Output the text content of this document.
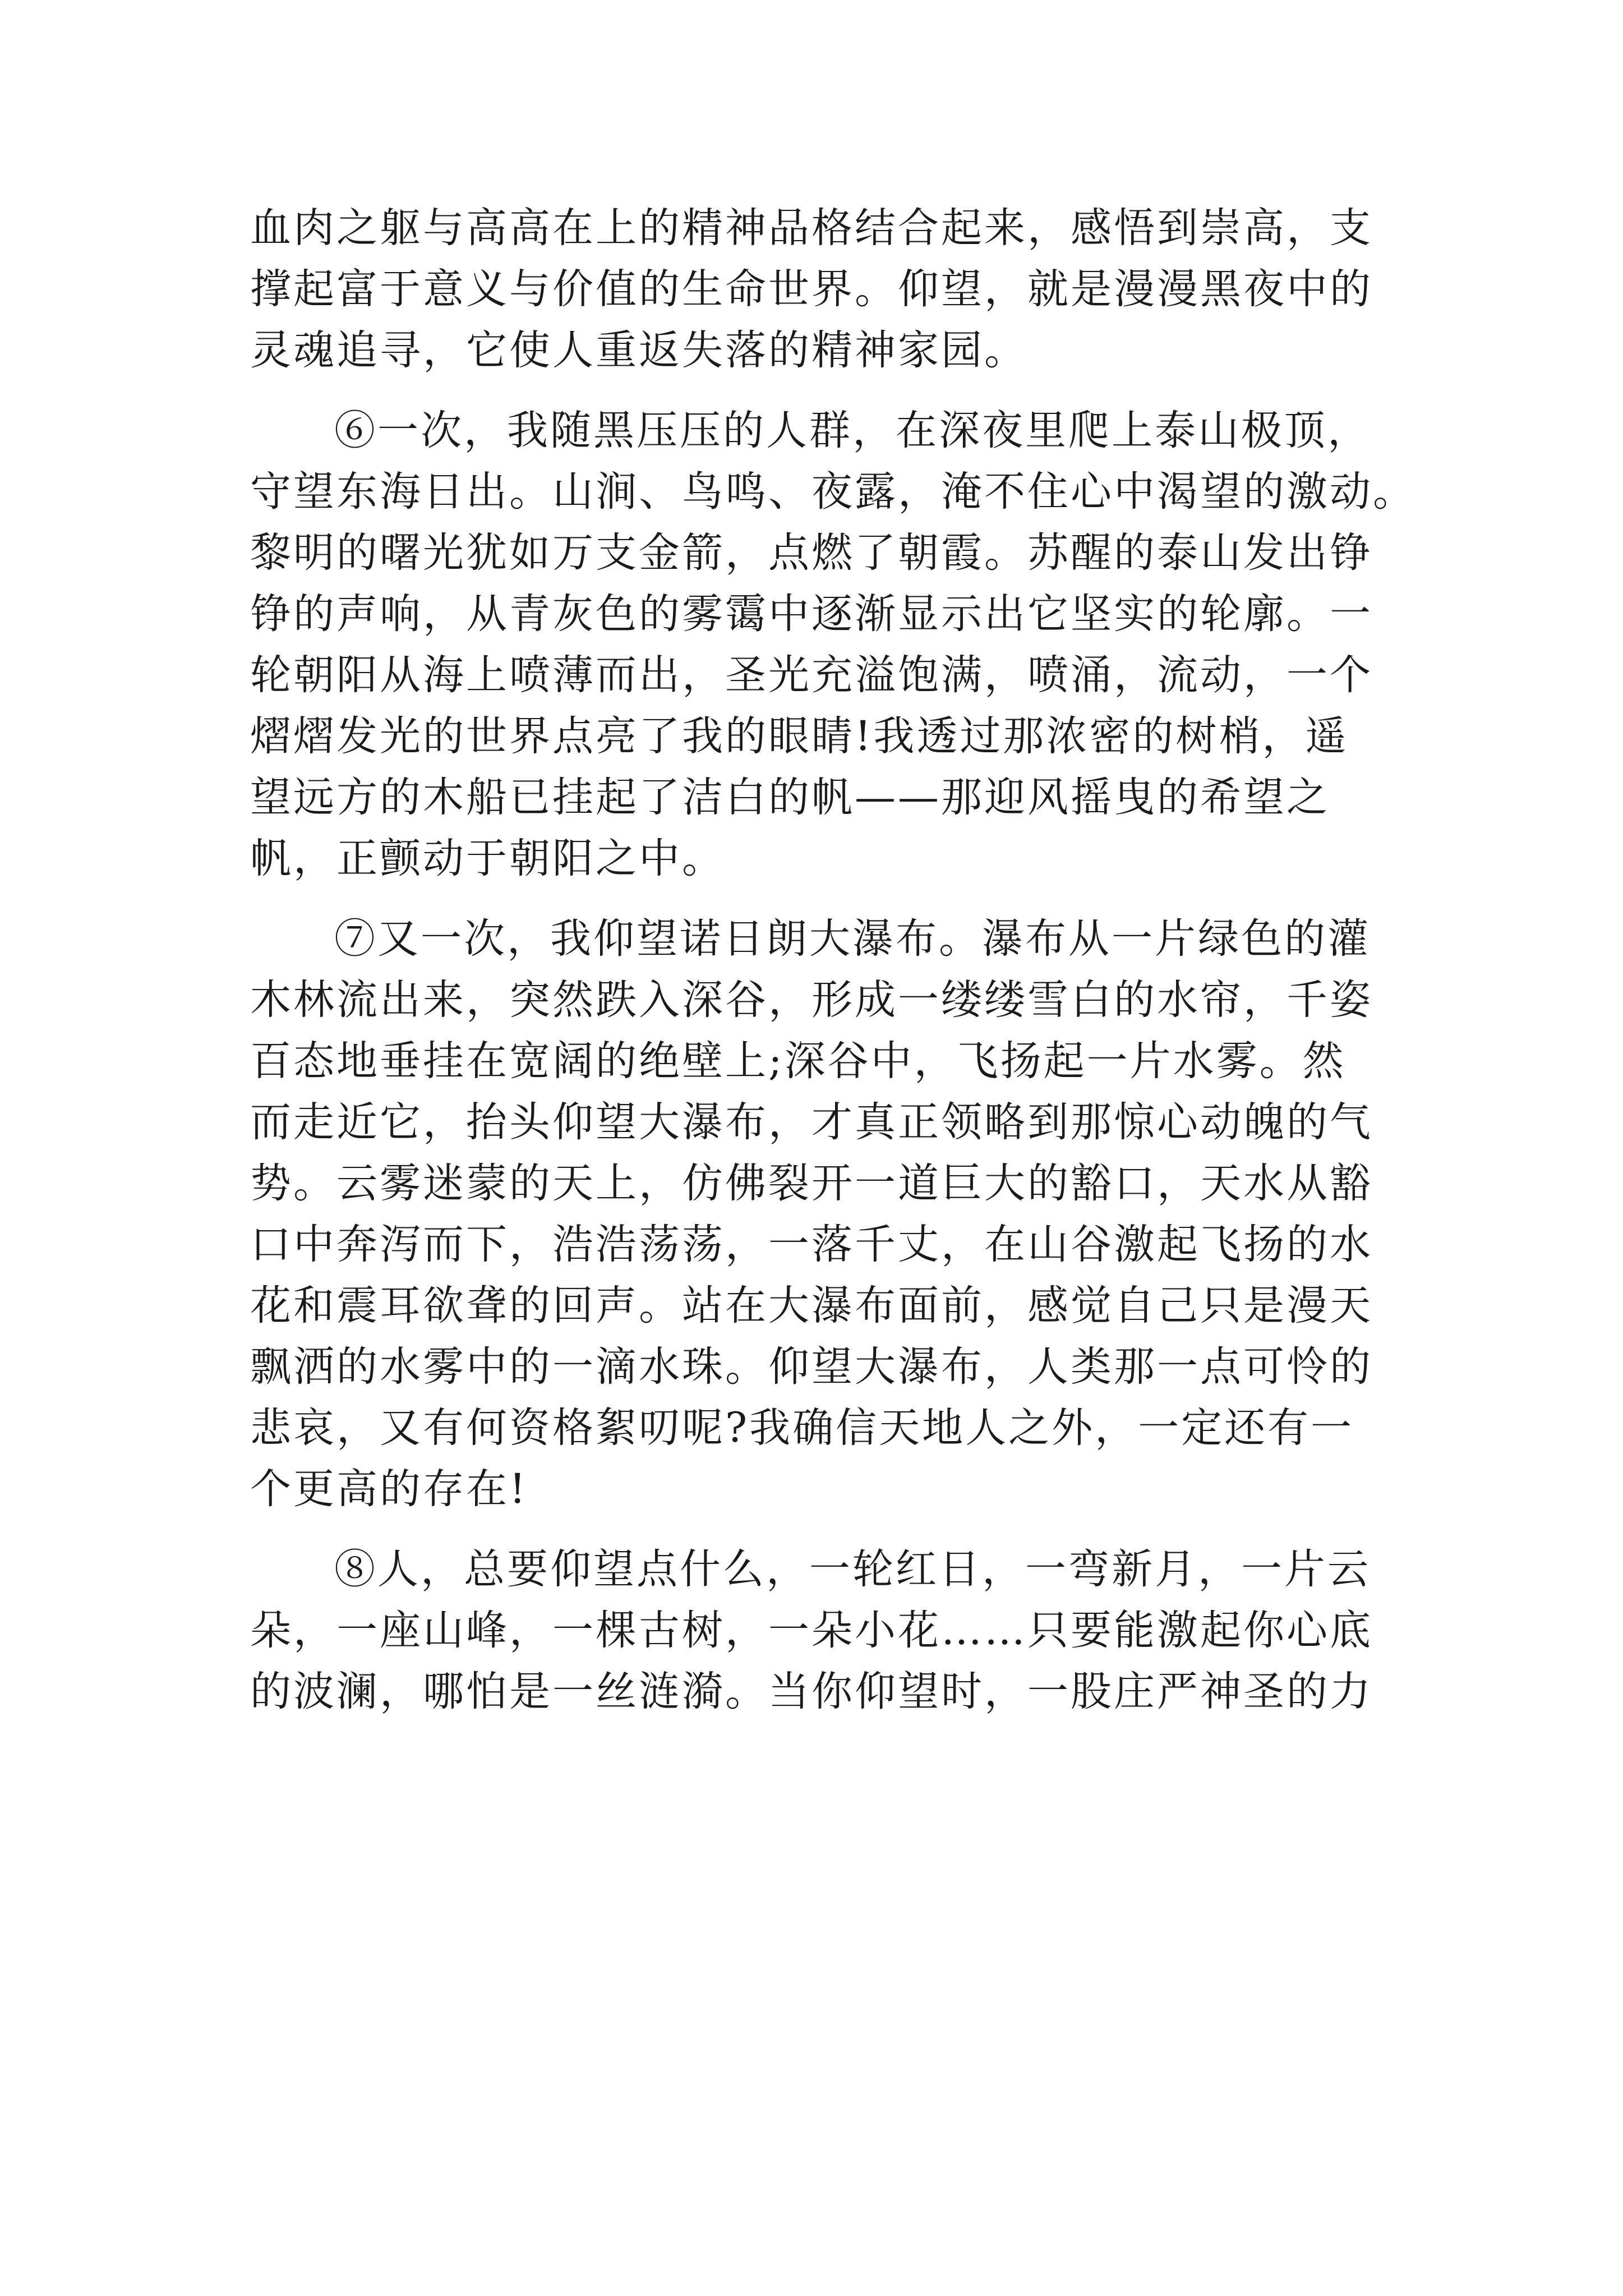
血肉之躯与高高在上的精神品格结合起来，感悟到崇高，支
撑起富于意义与价值的生命世界。仰望，就是漫漫黑夜中的
灵魂追寻，它使人重返失落的精神家园。
⑥一次，我随黑压压的人群，在深夜里爬上泰山极顶，
守望东海日出。山涧、鸟鸣、夜露，淹不住心中渴望的激动。
黎明的曙光犹如万支金箭，点燃了朝霞。苏醒的泰山发出铮
铮的声响，从青灰色的雾霭中逐渐显示出它坚实的轮廓。一
轮朝阳从海上喷薄而出，圣光充溢饱满，喷涌，流动，一个
熠熠发光的世界点亮了我的眼睛!我透过那浓密的树梢，遥
望远方的木船已挂起了洁白的帆——那迎风摇曳的希望之
帆，正颤动于朝阳之中。
⑦又一次，我仰望诺日朗大瀑布。瀑布从一片绿色的灌
木林流出来，突然跌入深谷，形成一缕缕雪白的水帘，千姿
百态地垂挂在宽阔的绝壁上;深谷中，飞扬起一片水雾。然
而走近它，抬头仰望大瀑布，才真正领略到那惊心动魄的气
势。云雾迷蒙的天上，仿佛裂开一道巨大的豁口，天水从豁
口中奔泻而下，浩浩荡荡，一落千丈，在山谷激起飞扬的水
花和震耳欲聋的回声。站在大瀑布面前，感觉自己只是漫天
飘洒的水雾中的一滴水珠。仰望大瀑布，人类那一点可怜的
悲哀，又有何资格絮叨呢?我确信天地人之外，一定还有一
个更高的存在!
⑧人，总要仰望点什么，一轮红日，一弯新月，一片云
朵，一座山峰，一棵古树，一朵小花……只要能激起你心底
的波澜，哪怕是一丝涟漪。当你仰望时，一股庄严神圣的力
